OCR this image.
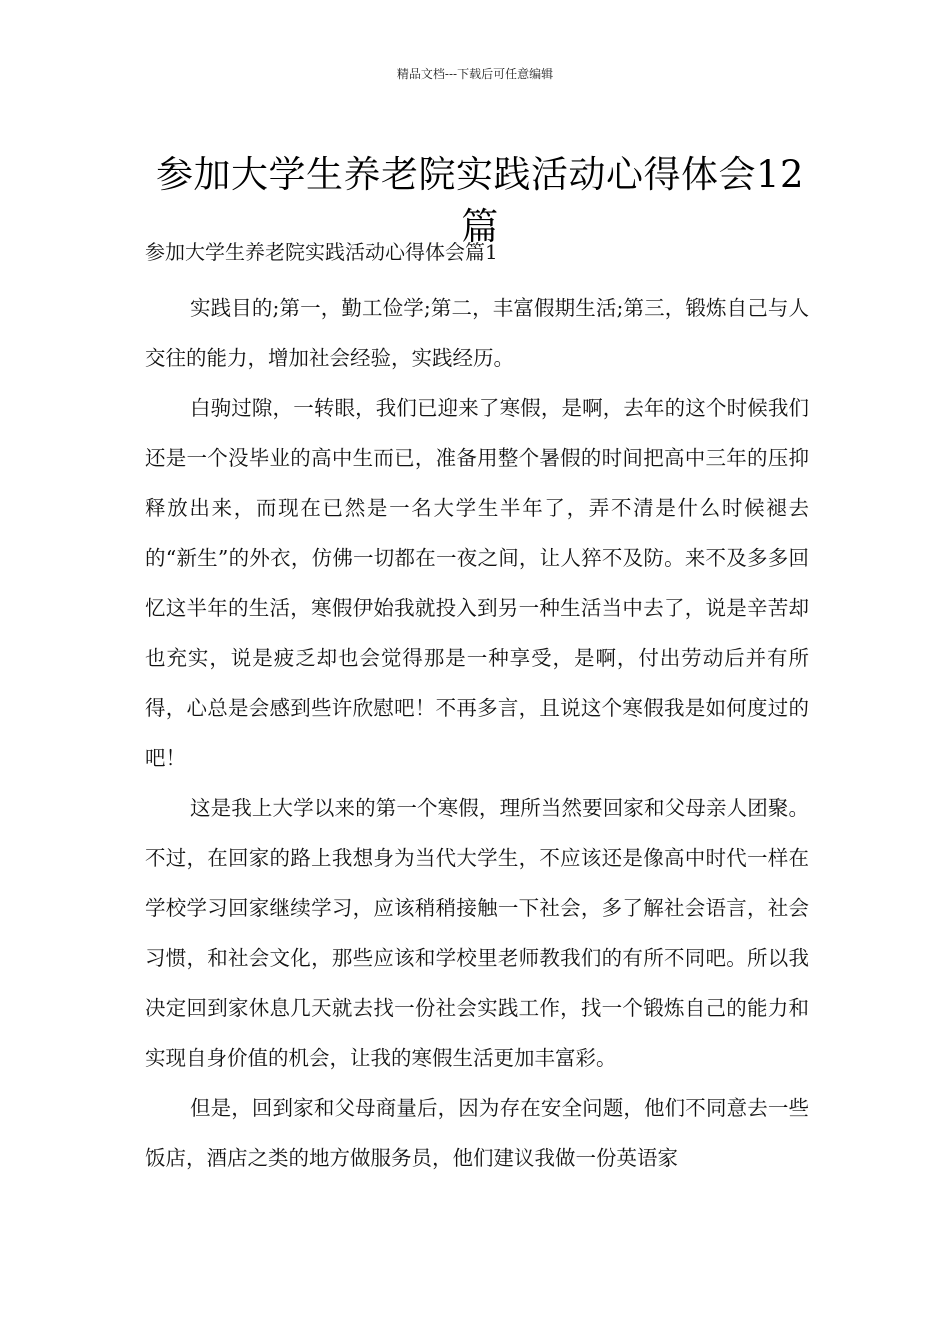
精品文档---下载后可任意编辑
参加大学生养老院实践活动心得体会12篇
参加大学生养老院实践活动心得体会篇1

实践目的;第一，勤工俭学;第二，丰富假期生活;第三，锻炼自己与人交往的能力，增加社会经验，实践经历。

白驹过隙，一转眼，我们已迎来了寒假，是啊，去年的这个时候我们还是一个没毕业的高中生而已，准备用整个暑假的时间把高中三年的压抑释放出来，而现在已然是一名大学生半年了，弄不清是什么时候褪去的“新生”的外衣，仿佛一切都在一夜之间，让人猝不及防。来不及多多回忆这半年的生活，寒假伊始我就投入到另一种生活当中去了，说是辛苦却也充实，说是疲乏却也会觉得那是一种享受，是啊，付出劳动后并有所得，心总是会感到些许欣慰吧！不再多言，且说这个寒假我是如何度过的吧！

这是我上大学以来的第一个寒假，理所当然要回家和父母亲人团聚。不过，在回家的路上我想身为当代大学生，不应该还是像高中时代一样在学校学习回家继续学习，应该稍稍接触一下社会，多了解社会语言，社会习惯，和社会文化，那些应该和学校里老师教我们的有所不同吧。所以我决定回到家休息几天就去找一份社会实践工作，找一个锻炼自己的能力和实现自身价值的机会，让我的寒假生活更加丰富彩。

但是，回到家和父母商量后，因为存在安全问题，他们不同意去一些饭店，酒店之类的地方做服务员，他们建议我做一份英语家
